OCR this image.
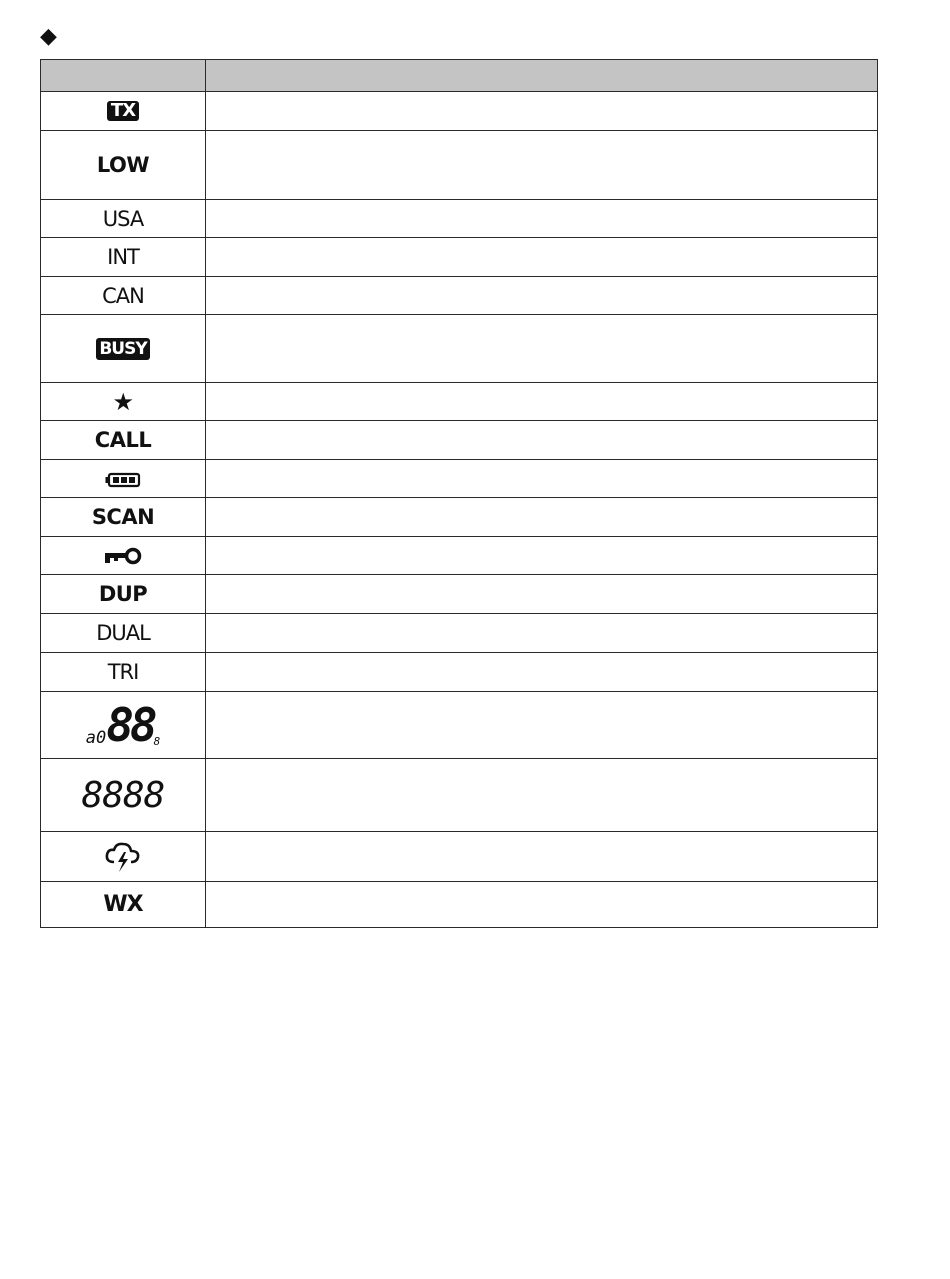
◆

TX	
LOW	
USA	
INT	
CAN	
BUSY	
★	
CALL	

SCAN	

DUP	
DUAL	
TRI	
a0888	
8888	

WX	
